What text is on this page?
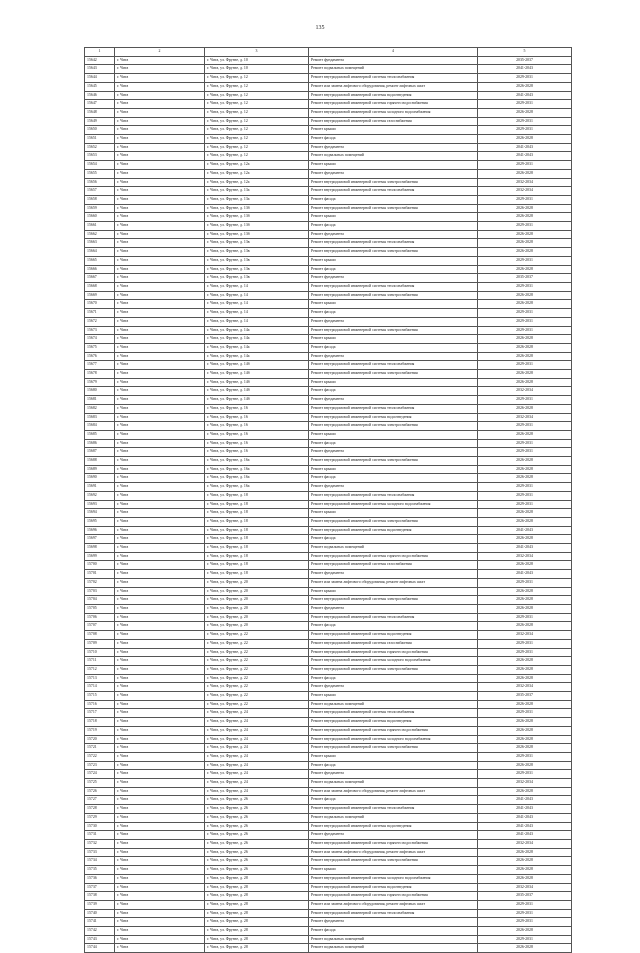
135
1	2	3	4	5
15642	г. Чита	г. Чита, ул. Фрунзе, д. 10	Ремонт фундамента	2035-2037
15643	г. Чита	г. Чита, ул. Фрунзе, д. 10	Ремонт подвальных помещений	2041-2043
15644	г. Чита	г. Чита, ул. Фрунзе, д. 12	Ремонт внутридомовой инженерной системы теплоснабжения	2029-2031
15645	г. Чита	г. Чита, ул. Фрунзе, д. 12	Ремонт или замена лифтового оборудования, ремонт лифтовых шахт	2026-2028
15646	г. Чита	г. Чита, ул. Фрунзе, д. 12	Ремонт внутридомовой инженерной системы водоотведения	2041-2043
15647	г. Чита	г. Чита, ул. Фрунзе, д. 12	Ремонт внутридомовой инженерной системы горячего водоснабжения	2029-2031
15648	г. Чита	г. Чита, ул. Фрунзе, д. 12	Ремонт внутридомовой инженерной системы холодного водоснабжения	2026-2028
15649	г. Чита	г. Чита, ул. Фрунзе, д. 12	Ремонт внутридомовой инженерной системы газоснабжения	2029-2031
15650	г. Чита	г. Чита, ул. Фрунзе, д. 12	Ремонт крыши	2029-2031
15651	г. Чита	г. Чита, ул. Фрунзе, д. 12	Ремонт фасада	2026-2028
15652	г. Чита	г. Чита, ул. Фрунзе, д. 12	Ремонт фундамента	2041-2043
15653	г. Чита	г. Чита, ул. Фрунзе, д. 12	Ремонт подвальных помещений	2041-2043
15654	г. Чита	г. Чита, ул. Фрунзе, д. 12а	Ремонт крыши	2029-2031
15655	г. Чита	г. Чита, ул. Фрунзе, д. 12а	Ремонт фундамента	2026-2028
15656	г. Чита	г. Чита, ул. Фрунзе, д. 12а	Ремонт внутридомовой инженерной системы электроснабжения	2032-2034
15657	г. Чита	г. Чита, ул. Фрунзе, д. 13а	Ремонт внутридомовой инженерной системы теплоснабжения	2032-2034
15658	г. Чита	г. Чита, ул. Фрунзе, д. 13а	Ремонт фасада	2029-2031
15659	г. Чита	г. Чита, ул. Фрунзе, д. 13б	Ремонт внутридомовой инженерной системы электроснабжения	2026-2028
15660	г. Чита	г. Чита, ул. Фрунзе, д. 13б	Ремонт крыши	2026-2028
15661	г. Чита	г. Чита, ул. Фрунзе, д. 13б	Ремонт фасада	2029-2031
15662	г. Чита	г. Чита, ул. Фрунзе, д. 13б	Ремонт фундамента	2026-2028
15663	г. Чита	г. Чита, ул. Фрунзе, д. 13в	Ремонт внутридомовой инженерной системы теплоснабжения	2026-2028
15664	г. Чита	г. Чита, ул. Фрунзе, д. 13в	Ремонт внутридомовой инженерной системы электроснабжения	2026-2028
15665	г. Чита	г. Чита, ул. Фрунзе, д. 13в	Ремонт крыши	2029-2031
15666	г. Чита	г. Чита, ул. Фрунзе, д. 13в	Ремонт фасада	2026-2028
15667	г. Чита	г. Чита, ул. Фрунзе, д. 13в	Ремонт фундамента	2035-2037
15668	г. Чита	г. Чита, ул. Фрунзе, д. 14	Ремонт внутридомовой инженерной системы теплоснабжения	2029-2031
15669	г. Чита	г. Чита, ул. Фрунзе, д. 14	Ремонт внутридомовой инженерной системы электроснабжения	2026-2028
15670	г. Чита	г. Чита, ул. Фрунзе, д. 14	Ремонт крыши	2026-2028
15671	г. Чита	г. Чита, ул. Фрунзе, д. 14	Ремонт фасада	2029-2031
15672	г. Чита	г. Чита, ул. Фрунзе, д. 14	Ремонт фундамента	2029-2031
15673	г. Чита	г. Чита, ул. Фрунзе, д. 14а	Ремонт внутридомовой инженерной системы электроснабжения	2029-2031
15674	г. Чита	г. Чита, ул. Фрунзе, д. 14а	Ремонт крыши	2026-2028
15675	г. Чита	г. Чита, ул. Фрунзе, д. 14а	Ремонт фасада	2026-2028
15676	г. Чита	г. Чита, ул. Фрунзе, д. 14а	Ремонт фундамента	2026-2028
15677	г. Чита	г. Чита, ул. Фрунзе, д. 14б	Ремонт внутридомовой инженерной системы теплоснабжения	2029-2031
15678	г. Чита	г. Чита, ул. Фрунзе, д. 14б	Ремонт внутридомовой инженерной системы электроснабжения	2026-2028
15679	г. Чита	г. Чита, ул. Фрунзе, д. 14б	Ремонт крыши	2026-2028
15680	г. Чита	г. Чита, ул. Фрунзе, д. 14б	Ремонт фасада	2032-2034
15681	г. Чита	г. Чита, ул. Фрунзе, д. 14б	Ремонт фундамента	2029-2031
15682	г. Чита	г. Чита, ул. Фрунзе, д. 16	Ремонт внутридомовой инженерной системы теплоснабжения	2026-2028
15683	г. Чита	г. Чита, ул. Фрунзе, д. 16	Ремонт внутридомовой инженерной системы водоотведения	2032-2034
15684	г. Чита	г. Чита, ул. Фрунзе, д. 16	Ремонт внутридомовой инженерной системы электроснабжения	2029-2031
15685	г. Чита	г. Чита, ул. Фрунзе, д. 16	Ремонт крыши	2026-2028
15686	г. Чита	г. Чита, ул. Фрунзе, д. 16	Ремонт фасада	2029-2031
15687	г. Чита	г. Чита, ул. Фрунзе, д. 16	Ремонт фундамента	2029-2031
15688	г. Чита	г. Чита, ул. Фрунзе, д. 16а	Ремонт внутридомовой инженерной системы электроснабжения	2026-2028
15689	г. Чита	г. Чита, ул. Фрунзе, д. 16а	Ремонт крыши	2026-2028
15690	г. Чита	г. Чита, ул. Фрунзе, д. 16а	Ремонт фасада	2026-2028
15691	г. Чита	г. Чита, ул. Фрунзе, д. 16а	Ремонт фундамента	2029-2031
15692	г. Чита	г. Чита, ул. Фрунзе, д. 18	Ремонт внутридомовой инженерной системы теплоснабжения	2029-2031
15693	г. Чита	г. Чита, ул. Фрунзе, д. 18	Ремонт внутридомовой инженерной системы холодного водоснабжения	2029-2031
15694	г. Чита	г. Чита, ул. Фрунзе, д. 18	Ремонт крыши	2026-2028
15695	г. Чита	г. Чита, ул. Фрунзе, д. 18	Ремонт внутридомовой инженерной системы электроснабжения	2026-2028
15696	г. Чита	г. Чита, ул. Фрунзе, д. 18	Ремонт внутридомовой инженерной системы водоотведения	2041-2043
15697	г. Чита	г. Чита, ул. Фрунзе, д. 18	Ремонт фасада	2026-2028
15698	г. Чита	г. Чита, ул. Фрунзе, д. 18	Ремонт подвальных помещений	2041-2043
15699	г. Чита	г. Чита, ул. Фрунзе, д. 18	Ремонт внутридомовой инженерной системы горячего водоснабжения	2032-2034
15700	г. Чита	г. Чита, ул. Фрунзе, д. 18	Ремонт внутридомовой инженерной системы газоснабжения	2026-2028
15701	г. Чита	г. Чита, ул. Фрунзе, д. 18	Ремонт фундамента	2041-2043
15702	г. Чита	г. Чита, ул. Фрунзе, д. 20	Ремонт или замена лифтового оборудования, ремонт лифтовых шахт	2029-2031
15703	г. Чита	г. Чита, ул. Фрунзе, д. 20	Ремонт крыши	2026-2028
15704	г. Чита	г. Чита, ул. Фрунзе, д. 20	Ремонт внутридомовой инженерной системы электроснабжения	2026-2028
15705	г. Чита	г. Чита, ул. Фрунзе, д. 20	Ремонт фундамента	2026-2028
15706	г. Чита	г. Чита, ул. Фрунзе, д. 20	Ремонт внутридомовой инженерной системы теплоснабжения	2029-2031
15707	г. Чита	г. Чита, ул. Фрунзе, д. 20	Ремонт фасада	2026-2028
15708	г. Чита	г. Чита, ул. Фрунзе, д. 22	Ремонт внутридомовой инженерной системы водоотведения	2032-2034
15709	г. Чита	г. Чита, ул. Фрунзе, д. 22	Ремонт внутридомовой инженерной системы газоснабжения	2029-2031
15710	г. Чита	г. Чита, ул. Фрунзе, д. 22	Ремонт внутридомовой инженерной системы горячего водоснабжения	2029-2031
15711	г. Чита	г. Чита, ул. Фрунзе, д. 22	Ремонт внутридомовой инженерной системы холодного водоснабжения	2026-2028
15712	г. Чита	г. Чита, ул. Фрунзе, д. 22	Ремонт внутридомовой инженерной системы электроснабжения	2026-2028
15713	г. Чита	г. Чита, ул. Фрунзе, д. 22	Ремонт фасада	2026-2028
15714	г. Чита	г. Чита, ул. Фрунзе, д. 22	Ремонт фундамента	2032-2034
15715	г. Чита	г. Чита, ул. Фрунзе, д. 22	Ремонт крыши	2035-2037
15716	г. Чита	г. Чита, ул. Фрунзе, д. 22	Ремонт подвальных помещений	2026-2028
15717	г. Чита	г. Чита, ул. Фрунзе, д. 24	Ремонт внутридомовой инженерной системы теплоснабжения	2029-2031
15718	г. Чита	г. Чита, ул. Фрунзе, д. 24	Ремонт внутридомовой инженерной системы водоотведения	2026-2028
15719	г. Чита	г. Чита, ул. Фрунзе, д. 24	Ремонт внутридомовой инженерной системы горячего водоснабжения	2026-2028
15720	г. Чита	г. Чита, ул. Фрунзе, д. 24	Ремонт внутридомовой инженерной системы холодного водоснабжения	2026-2028
15721	г. Чита	г. Чита, ул. Фрунзе, д. 24	Ремонт внутридомовой инженерной системы электроснабжения	2026-2028
15722	г. Чита	г. Чита, ул. Фрунзе, д. 24	Ремонт крыши	2029-2031
15723	г. Чита	г. Чита, ул. Фрунзе, д. 24	Ремонт фасада	2026-2028
15724	г. Чита	г. Чита, ул. Фрунзе, д. 24	Ремонт фундамента	2029-2031
15725	г. Чита	г. Чита, ул. Фрунзе, д. 24	Ремонт подвальных помещений	2032-2034
15726	г. Чита	г. Чита, ул. Фрунзе, д. 24	Ремонт или замена лифтового оборудования, ремонт лифтовых шахт	2026-2028
15727	г. Чита	г. Чита, ул. Фрунзе, д. 26	Ремонт фасада	2041-2043
15728	г. Чита	г. Чита, ул. Фрунзе, д. 26	Ремонт внутридомовой инженерной системы теплоснабжения	2041-2043
15729	г. Чита	г. Чита, ул. Фрунзе, д. 26	Ремонт подвальных помещений	2041-2043
15730	г. Чита	г. Чита, ул. Фрунзе, д. 26	Ремонт внутридомовой инженерной системы водоотведения	2041-2043
15731	г. Чита	г. Чита, ул. Фрунзе, д. 26	Ремонт фундамента	2041-2043
15732	г. Чита	г. Чита, ул. Фрунзе, д. 26	Ремонт внутридомовой инженерной системы горячего водоснабжения	2032-2034
15733	г. Чита	г. Чита, ул. Фрунзе, д. 26	Ремонт или замена лифтового оборудования, ремонт лифтовых шахт	2026-2028
15734	г. Чита	г. Чита, ул. Фрунзе, д. 26	Ремонт внутридомовой инженерной системы электроснабжения	2026-2028
15735	г. Чита	г. Чита, ул. Фрунзе, д. 26	Ремонт крыши	2026-2028
15736	г. Чита	г. Чита, ул. Фрунзе, д. 28	Ремонт внутридомовой инженерной системы холодного водоснабжения	2026-2028
15737	г. Чита	г. Чита, ул. Фрунзе, д. 28	Ремонт внутридомовой инженерной системы водоотведения	2032-2034
15738	г. Чита	г. Чита, ул. Фрунзе, д. 28	Ремонт внутридомовой инженерной системы горячего водоснабжения	2035-2037
15739	г. Чита	г. Чита, ул. Фрунзе, д. 28	Ремонт или замена лифтового оборудования, ремонт лифтовых шахт	2029-2031
15740	г. Чита	г. Чита, ул. Фрунзе, д. 28	Ремонт внутридомовой инженерной системы теплоснабжения	2029-2031
15741	г. Чита	г. Чита, ул. Фрунзе, д. 28	Ремонт фундамента	2029-2031
15742	г. Чита	г. Чита, ул. Фрунзе, д. 28	Ремонт фасада	2026-2028
15743	г. Чита	г. Чита, ул. Фрунзе, д. 28	Ремонт подвальных помещений	2029-2031
15744	г. Чита	г. Чита, ул. Фрунзе, д. 28	Ремонт подвальных помещений	2026-2028
